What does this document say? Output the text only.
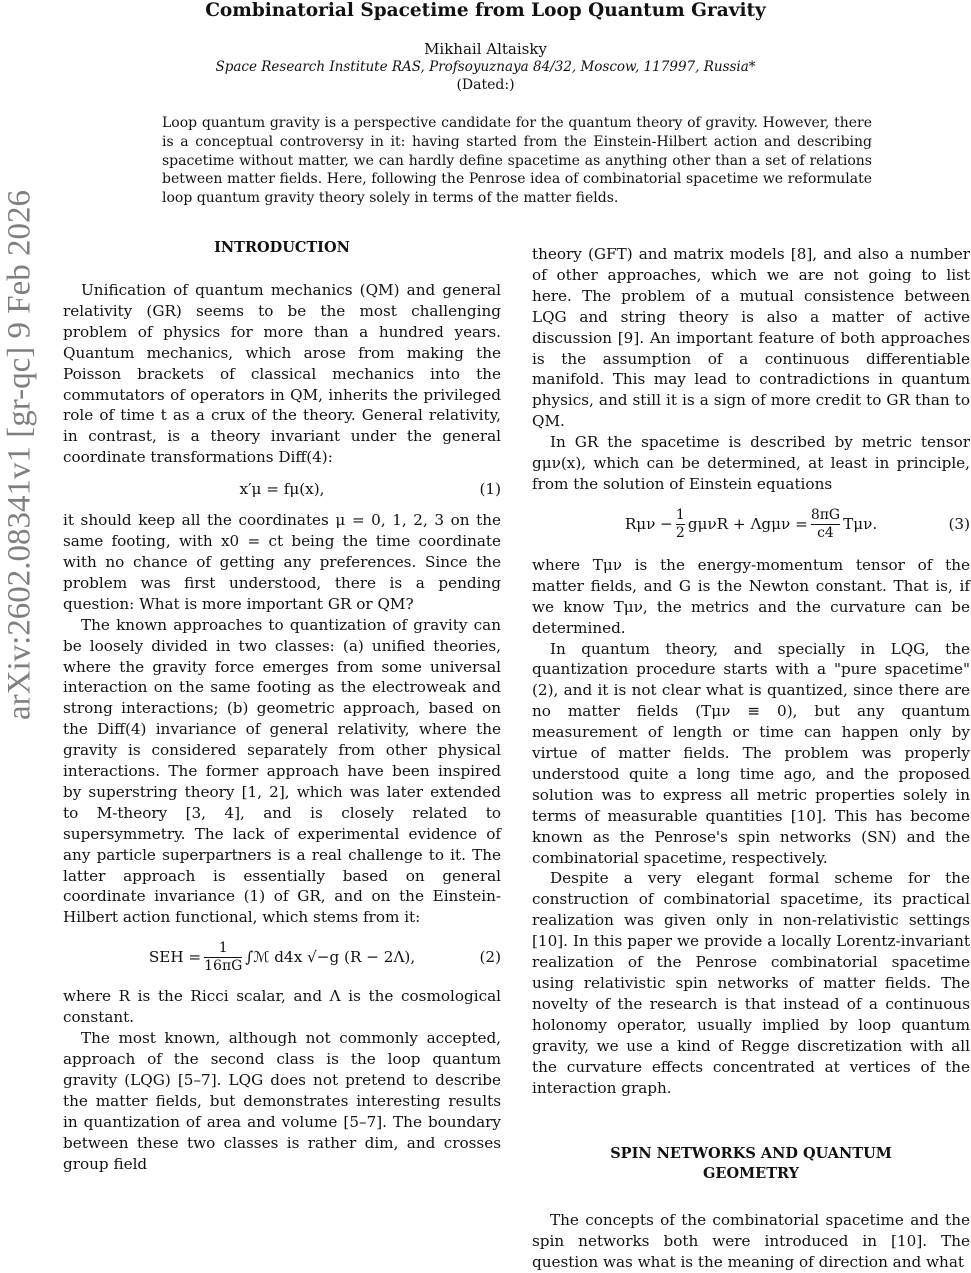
arXiv:2602.08341v1 [gr-qc] 9 Feb 2026
Combinatorial Spacetime from Loop Quantum Gravity
Mikhail Altaisky
Space Research Institute RAS, Profsoyuznaya 84/32, Moscow, 117997, Russia*
(Dated:)
Loop quantum gravity is a perspective candidate for the quantum theory of gravity. However, there is a conceptual controversy in it: having started from the Einstein-Hilbert action and describing spacetime without matter, we can hardly define spacetime as anything other than a set of relations between matter fields. Here, following the Penrose idea of combinatorial spacetime we reformulate loop quantum gravity theory solely in terms of the matter fields.
INTRODUCTION

Unification of quantum mechanics (QM) and general relativity (GR) seems to be the most challenging problem of physics for more than a hundred years. Quantum mechanics, which arose from making the Poisson brackets of classical mechanics into the commutators of operators in QM, inherits the privileged role of time t as a crux of the theory. General relativity, in contrast, is a theory invariant under the general coordinate transformations Diff(4):

x′μ = fμ(x),	(1)

it should keep all the coordinates μ = 0, 1, 2, 3 on the same footing, with x0 = ct being the time coordinate with no chance of getting any preferences. Since the problem was first understood, there is a pending question: What is more important GR or QM?

The known approaches to quantization of gravity can be loosely divided in two classes: (a) unified theories, where the gravity force emerges from some universal interaction on the same footing as the electroweak and strong interactions; (b) geometric approach, based on the Diff(4) invariance of general relativity, where the gravity is considered separately from other physical interactions. The former approach have been inspired by superstring theory [1, 2], which was later extended to M-theory [3, 4], and is closely related to supersymmetry. The lack of experimental evidence of any particle superpartners is a real challenge to it. The latter approach is essentially based on general coordinate invariance (1) of GR, and on the Einstein-Hilbert action functional, which stems from it:

SEH = $\frac{1}{16\pi G}$ ∫ℳ d4x √−g (R − 2Λ),	(2)

where R is the Ricci scalar, and Λ is the cosmological constant.

The most known, although not commonly accepted, approach of the second class is the loop quantum gravity (LQG) [5–7]. LQG does not pretend to describe the matter fields, but demonstrates interesting results in quantization of area and volume [5–7]. The boundary between these two classes is rather dim, and crosses group field

theory (GFT) and matrix models [8], and also a number of other approaches, which we are not going to list here. The problem of a mutual consistence between LQG and string theory is also a matter of active discussion [9]. An important feature of both approaches is the assumption of a continuous differentiable manifold. This may lead to contradictions in quantum physics, and still it is a sign of more credit to GR than to QM.

In GR the spacetime is described by metric tensor gμν(x), which can be determined, at least in principle, from the solution of Einstein equations

$R\mu\nu - \frac{1}{2}$ $g\mu\nu R + \Lambda g\mu\nu = \frac{8\pi G}{c4} T\mu\nu$.	(3)

where Tμν is the energy-momentum tensor of the matter fields, and G is the Newton constant. That is, if we know Tμν, the metrics and the curvature can be determined.

In quantum theory, and specially in LQG, the quantization procedure starts with a "pure spacetime" (2), and it is not clear what is quantized, since there are no matter fields (Tμν ≡ 0), but any quantum measurement of length or time can happen only by virtue of matter fields. The problem was properly understood quite a long time ago, and the proposed solution was to express all metric properties solely in terms of measurable quantities [10]. This has become known as the Penrose's spin networks (SN) and the combinatorial spacetime, respectively.

Despite a very elegant formal scheme for the construction of combinatorial spacetime, its practical realization was given only in non-relativistic settings [10]. In this paper we provide a locally Lorentz-invariant realization of the Penrose combinatorial spacetime using relativistic spin networks of matter fields. The novelty of the research is that instead of a continuous holonomy operator, usually implied by loop quantum gravity, we use a kind of Regge discretization with all the curvature effects concentrated at vertices of the interaction graph.

SPIN NETWORKS AND QUANTUM GEOMETRY

The concepts of the combinatorial spacetime and the spin networks both were introduced in [10]. The question was what is the meaning of direction and what
